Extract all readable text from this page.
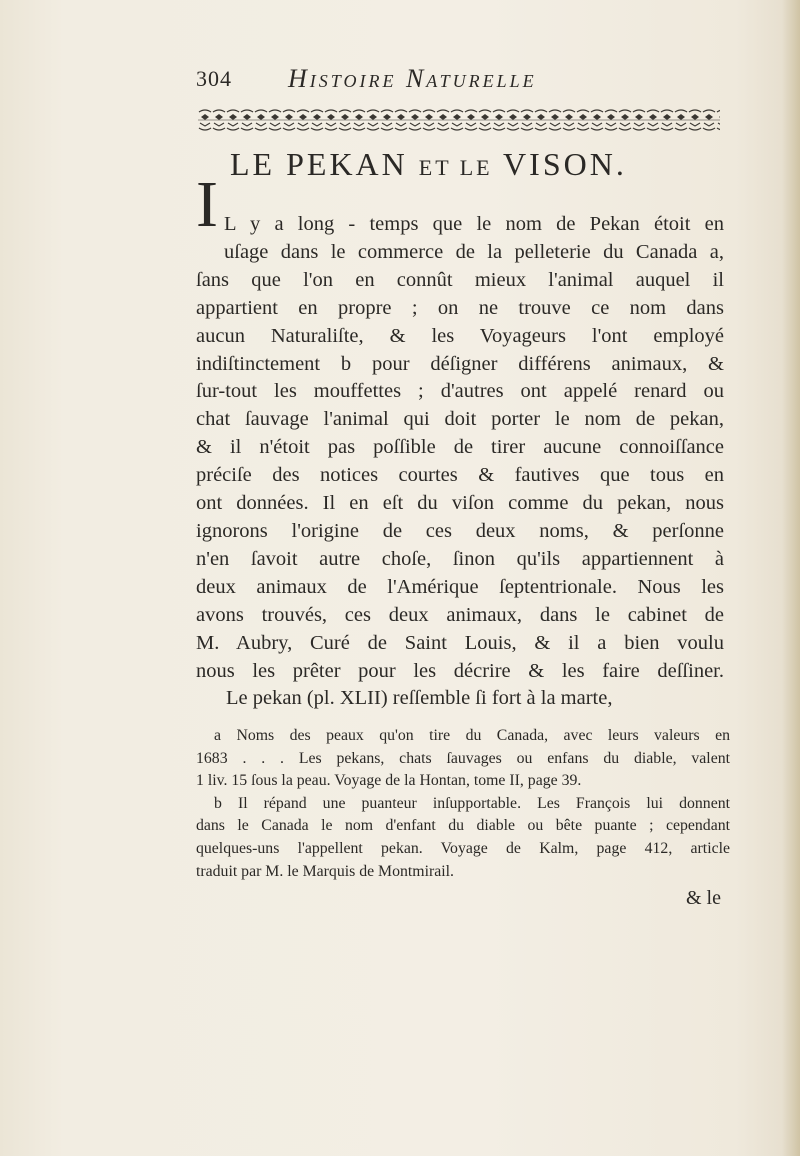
304 Histoire Naturelle
LE PEKAN ET LE VISON.
I L y a long - temps que le nom de Pekan étoit en
uſage dans le commerce de la pelleterie du Canada a,
ſans que l'on en connût mieux l'animal auquel il
appartient en propre ; on ne trouve ce nom dans
aucun Naturaliſte, & les Voyageurs l'ont employé
indiſtinctement b pour déſigner différens animaux, &
ſur-tout les mouffettes ; d'autres ont appelé renard ou
chat ſauvage l'animal qui doit porter le nom de pekan,
& il n'étoit pas poſſible de tirer aucune connoiſſance
préciſe des notices courtes & fautives que tous en
ont données. Il en eſt du viſon comme du pekan, nous
ignorons l'origine de ces deux noms, & perſonne
n'en ſavoit autre choſe, ſinon qu'ils appartiennent à
deux animaux de l'Amérique ſeptentrionale. Nous les
avons trouvés, ces deux animaux, dans le cabinet de
M. Aubry, Curé de Saint Louis, & il a bien voulu
nous les prêter pour les décrire & les faire deſſiner.
Le pekan (pl. XLII) reſſemble ſi fort à la marte,
a Noms des peaux qu'on tire du Canada, avec leurs valeurs en
1683 . . . Les pekans, chats ſauvages ou enfans du diable, valent
1 liv. 15 ſous la peau. Voyage de la Hontan, tome II, page 39.
b Il répand une puanteur inſupportable. Les François lui donnent
dans le Canada le nom d'enfant du diable ou bête puante ; cependant
quelques-uns l'appellent pekan. Voyage de Kalm, page 412, article
traduit par M. le Marquis de Montmirail.
& le
